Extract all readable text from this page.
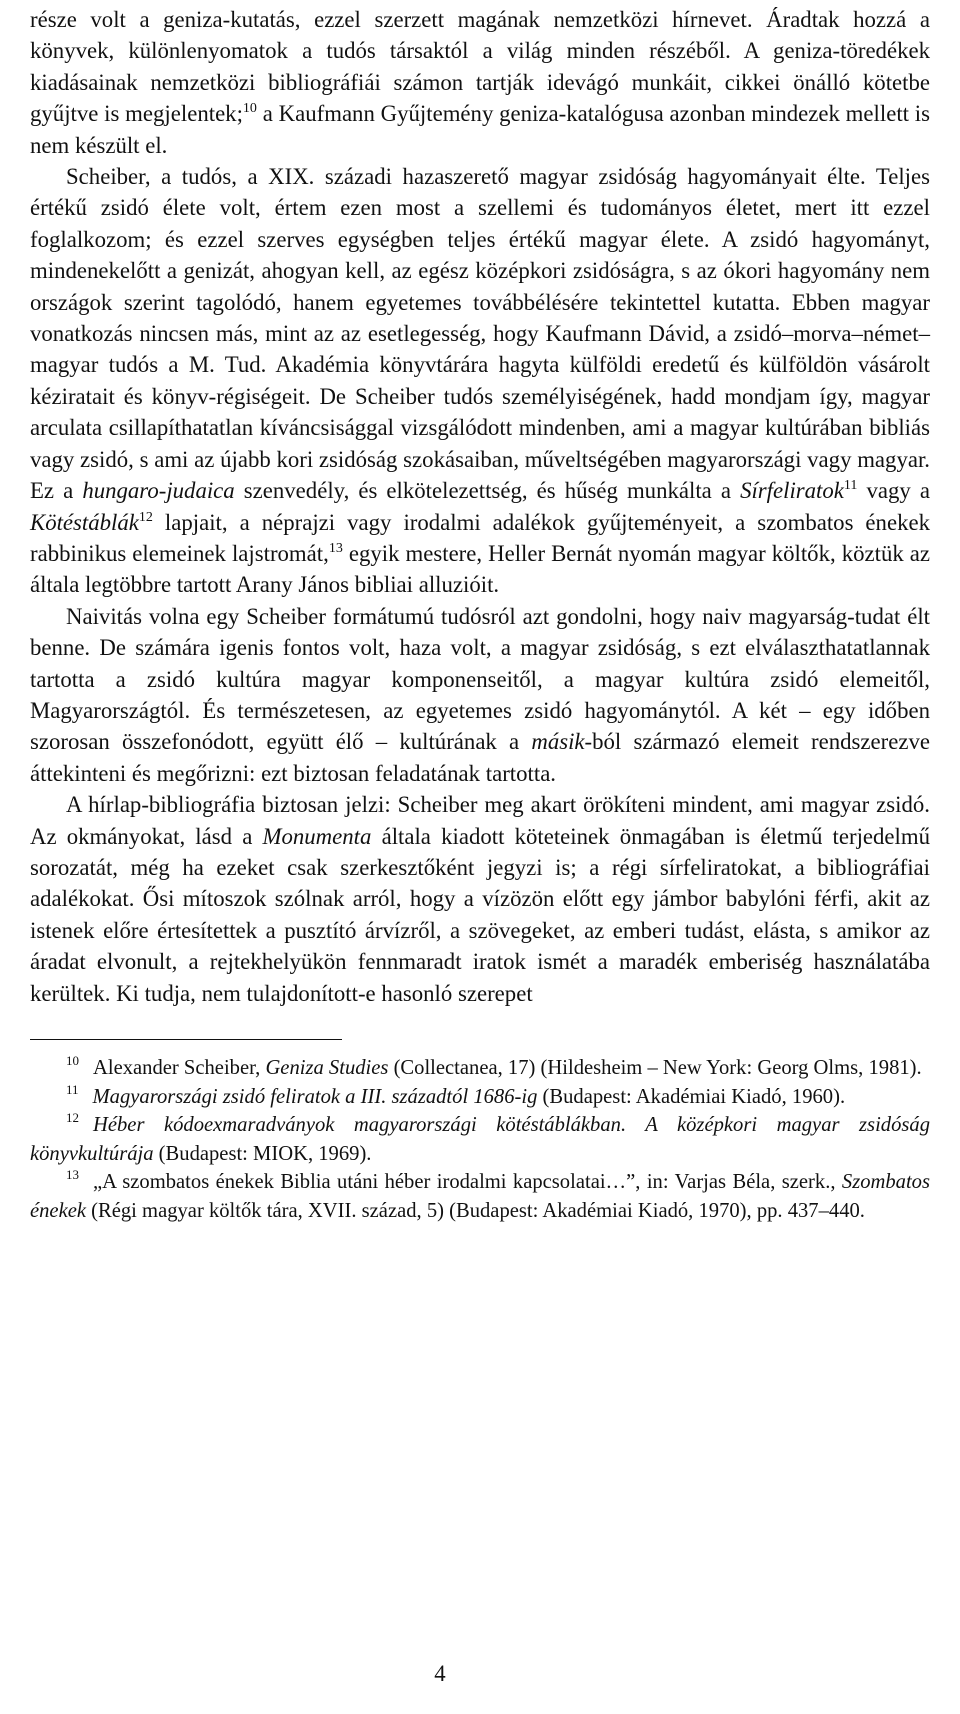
része volt a geniza-kutatás, ezzel szerzett magának nemzetközi hírnevet. Áradtak hozzá a könyvek, különlenyomatok a tudós társaktól a világ minden részéből. A geniza-töredékek kiadásainak nemzetközi bibliográfiái számon tartják idevágó munkáit, cikkei önálló kötetbe gyűjtve is megjelentek;$^{10}$ a Kaufmann Gyűjtemény geniza-katalógusa azonban mindezek mellett is nem készült el.

Scheiber, a tudós, a XIX. századi hazaszerető magyar zsidóság hagyományait élte. Teljes értékű zsidó élete volt, értem ezen most a szellemi és tudományos életet, mert itt ezzel foglalkozom; és ezzel szerves egységben teljes értékű magyar élete. A zsidó hagyományt, mindenekelőtt a genizát, ahogyan kell, az egész középkori zsidóságra, s az ókori hagyomány nem országok szerint tagolódó, hanem egyetemes továbbélésére tekintettel kutatta. Ebben magyar vonatkozás nincsen más, mint az az esetlegesség, hogy Kaufmann Dávid, a zsidó–morva–német–magyar tudós a M. Tud. Akadémia könyvtárára hagyta külföldi eredetű és külföldön vásárolt kéziratait és könyv-régiségeit. De Scheiber tudós személyiségének, hadd mondjam így, magyar arculata csillapíthatatlan kíváncsisággal vizsgálódott mindenben, ami a magyar kultúrában bibliás vagy zsidó, s ami az újabb kori zsidóság szokásaiban, műveltségében magyarországi vagy magyar. Ez a hungaro-judaica szenvedély, és elkötelezettség, és hűség munkálta a Sírfeliratok$^{11}$ vagy a Kötéstáblák$^{12}$ lapjait, a néprajzi vagy irodalmi adalékok gyűjteményeit, a szombatos énekek rabbinikus elemeinek lajstromát,$^{13}$ egyik mestere, Heller Bernát nyomán magyar költők, köztük az általa legtöbbre tartott Arany János bibliai alluzióit.

Naivitás volna egy Scheiber formátumú tudósról azt gondolni, hogy naiv magyarság-tudat élt benne. De számára igenis fontos volt, haza volt, a magyar zsidóság, s ezt elválaszthatatlannak tartotta a zsidó kultúra magyar komponenseitől, a magyar kultúra zsidó elemeitől, Magyarországtól. És természetesen, az egyetemes zsidó hagyománytól. A két – egy időben szorosan összefonódott, együtt élő – kultúrának a másik-ból származó elemeit rendszerezve áttekinteni és megőrizni: ezt biztosan feladatának tartotta.

A hírlap-bibliográfia biztosan jelzi: Scheiber meg akart örökíteni mindent, ami magyar zsidó. Az okmányokat, lásd a Monumenta általa kiadott köteteinek önmagában is életmű terjedelmű sorozatát, még ha ezeket csak szerkesztőként jegyzi is; a régi sírfeliratokat, a bibliográfiai adalékokat. Ősi mítoszok szólnak arról, hogy a vízözön előtt egy jámbor babylóni férfi, akit az istenek előre értesítettek a pusztító árvízről, a szövegeket, az emberi tudást, elásta, s amikor az áradat elvonult, a rejtekhelyükön fennmaradt iratok ismét a maradék emberiség használatába kerültek. Ki tudja, nem tulajdonított-e hasonló szerepet

$^{10}$ Alexander Scheiber, Geniza Studies (Collectanea, 17) (Hildesheim – New York: Georg Olms, 1981).

$^{11}$ Magyarországi zsidó feliratok a III. századtól 1686-ig (Budapest: Akadémiai Kiadó, 1960).

$^{12}$ Héber kódoexmaradványok magyarországi kötéstáblákban. A középkori magyar zsidóság könyvkultúrája (Budapest: MIOK, 1969).

$^{13}$ „A szombatos énekek Biblia utáni héber irodalmi kapcsolatai…”, in: Varjas Béla, szerk., Szombatos énekek (Régi magyar költők tára, XVII. század, 5) (Budapest: Akadémiai Kiadó, 1970), pp. 437–440.

4
